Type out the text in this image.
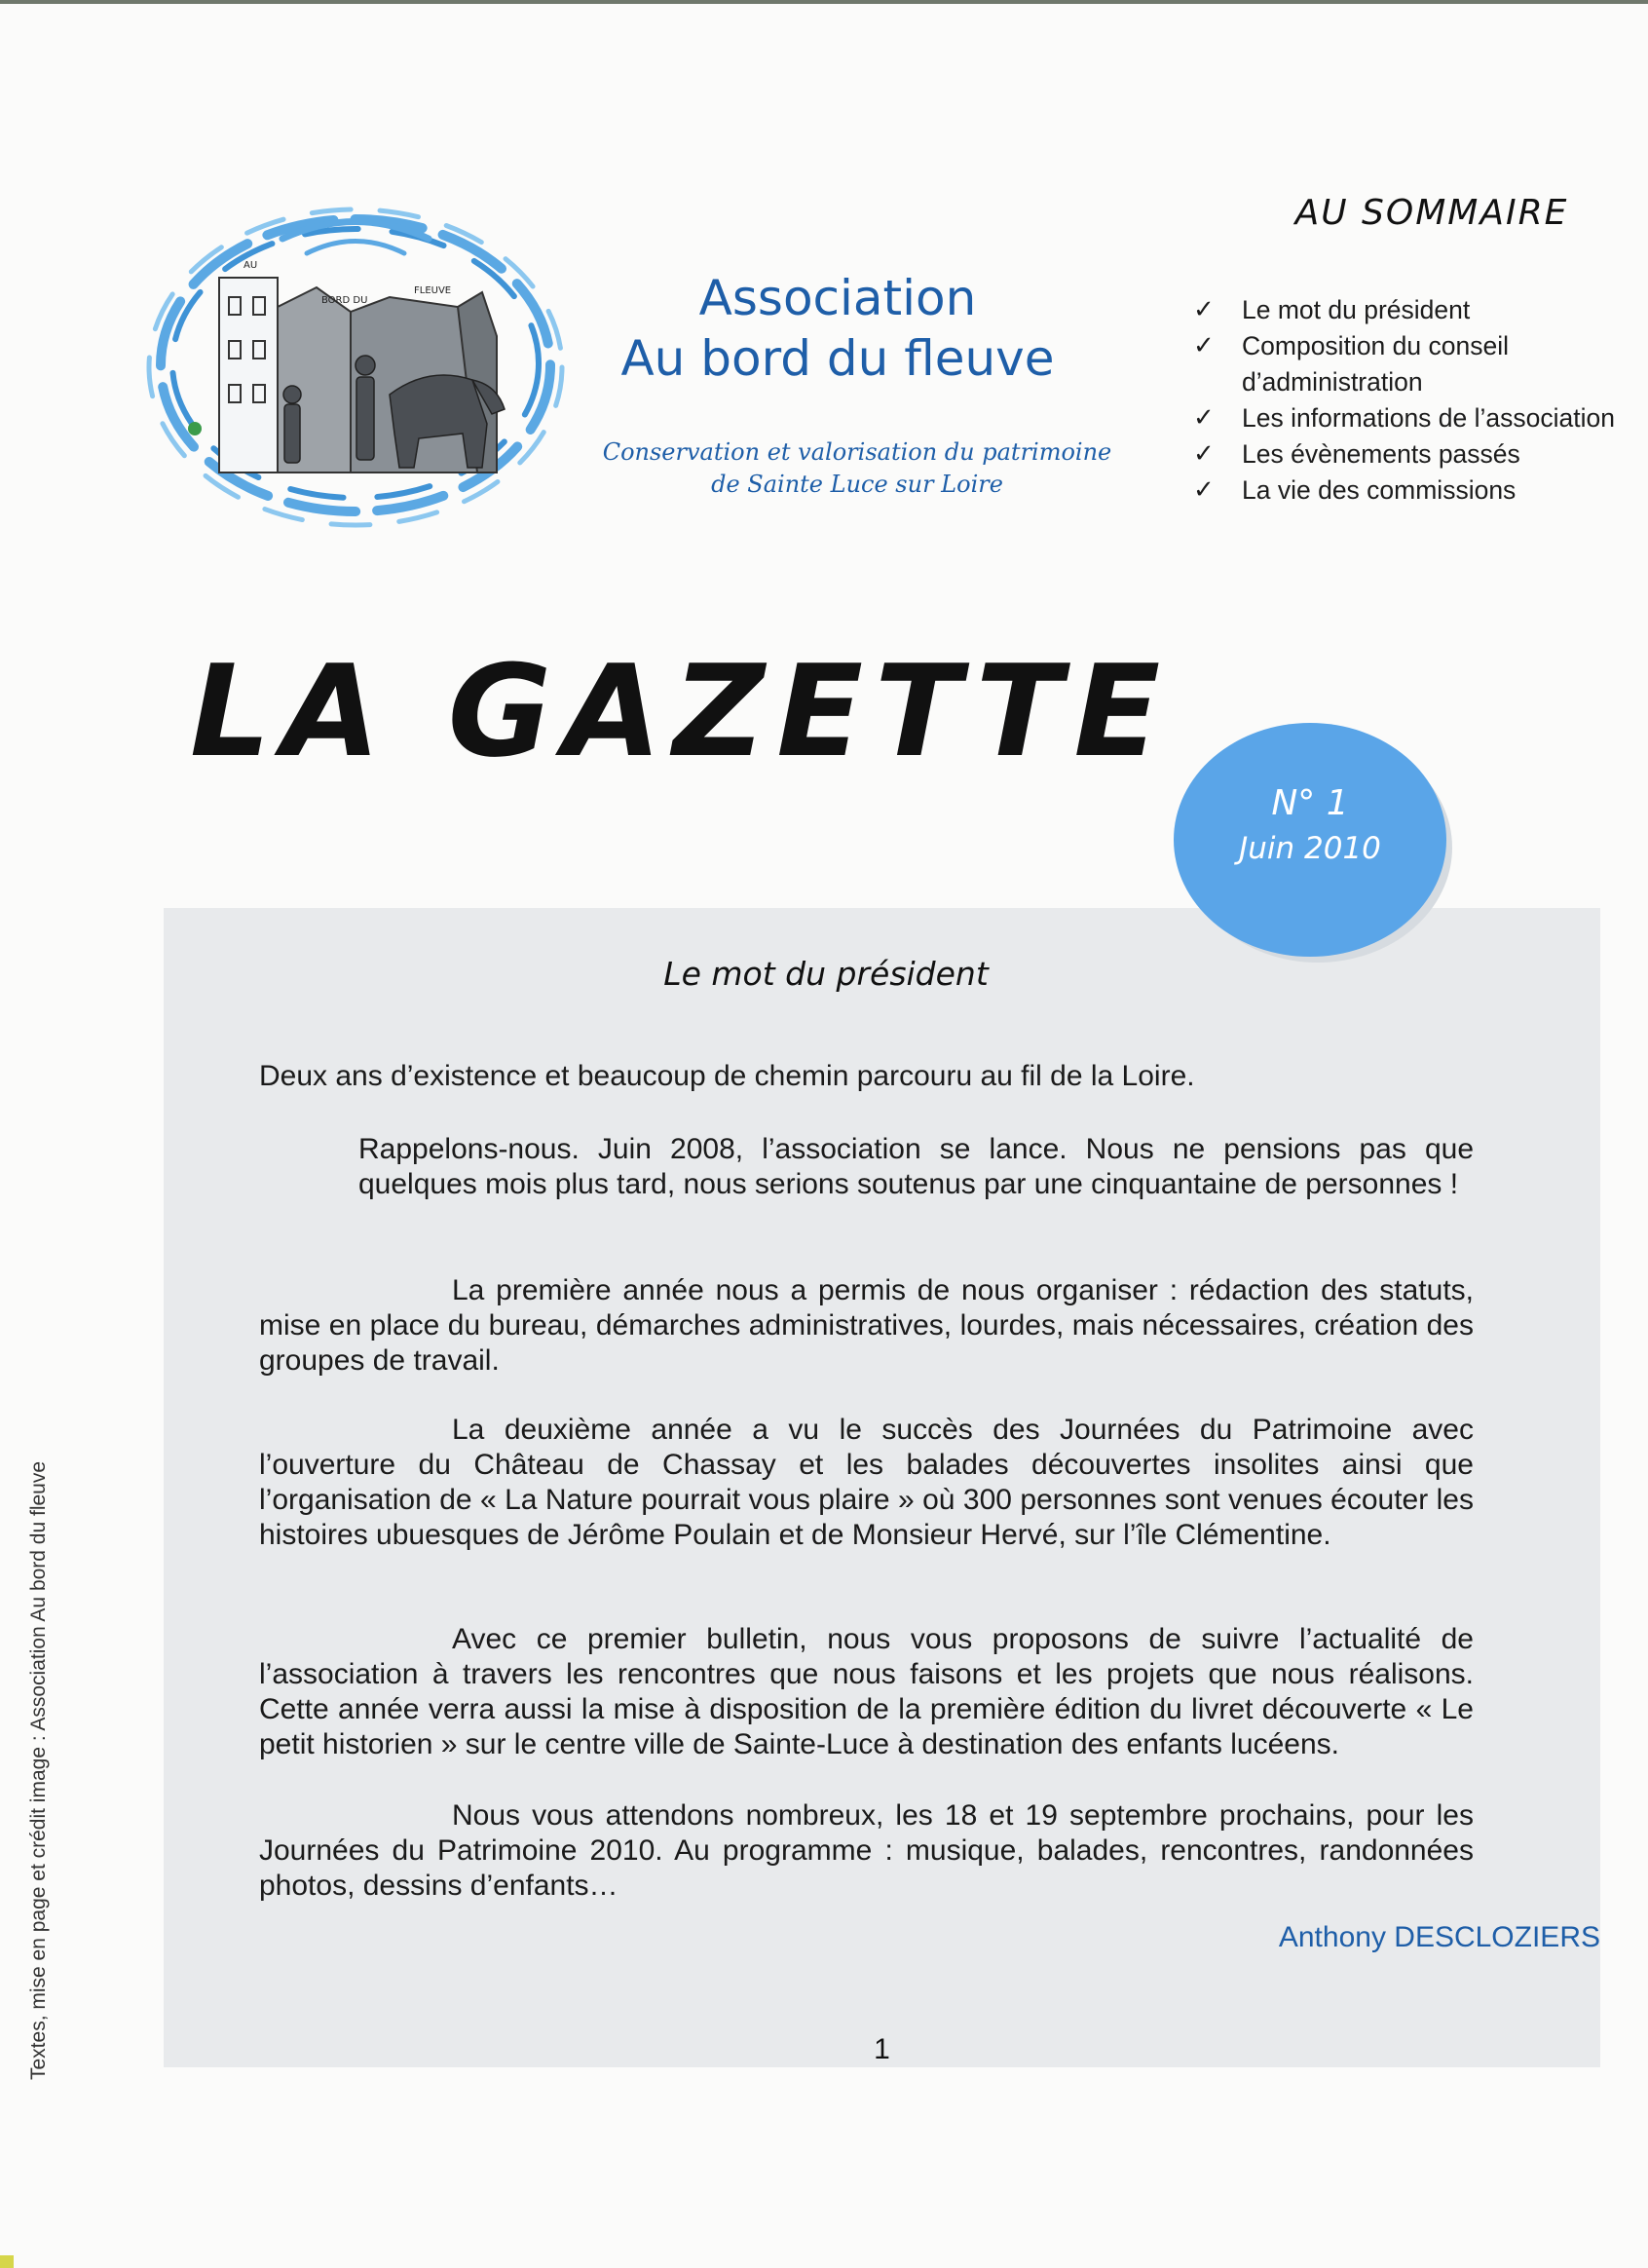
AU
BORD DU
FLEUVE	Association
Au bord du fleuve
Conservation et valorisation du patrimoine
de Sainte Luce sur Loire
AU SOMMAIRE
✓ Le mot du président
✓ Composition du conseil d’administration
✓ Les informations de l’association
✓ Les évènements passés
✓ La vie des commissions
LA GAZETTE
N° 1
Juin 2010
Le mot du président

Deux ans d’existence et beaucoup de chemin parcouru au fil de la Loire.

Rappelons-nous. Juin 2008, l’association se lance. Nous ne pensions pas que quelques mois plus tard, nous serions soutenus par une cinquantaine de personnes !

La première année nous a permis de nous organiser : rédaction des statuts, mise en place du bureau, démarches administratives, lourdes, mais nécessaires, création des groupes de travail.

La deuxième année a vu le succès des Journées du Patrimoine avec l’ouverture du Château de Chassay et les balades découvertes insolites ainsi que l’organisation de « La Nature pourrait vous plaire » où 300 personnes sont venues écouter les histoires ubuesques de Jérôme Poulain et de Monsieur Hervé, sur l’île Clémentine.

Avec ce premier bulletin, nous vous proposons de suivre l’actualité de l’association à travers les rencontres que nous faisons et les projets que nous réalisons. Cette année verra aussi la mise à disposition de la première édition du livret découverte « Le petit historien » sur le centre ville de Sainte-Luce à destination des enfants lucéens.

Nous vous attendons nombreux, les 18 et 19 septembre prochains, pour les Journées du Patrimoine 2010. Au programme : musique, balades, rencontres, randonnées photos, dessins d’enfants…

Anthony DESCLOZIERS
1
Textes, mise en page et crédit image : Association Au bord du fleuve
